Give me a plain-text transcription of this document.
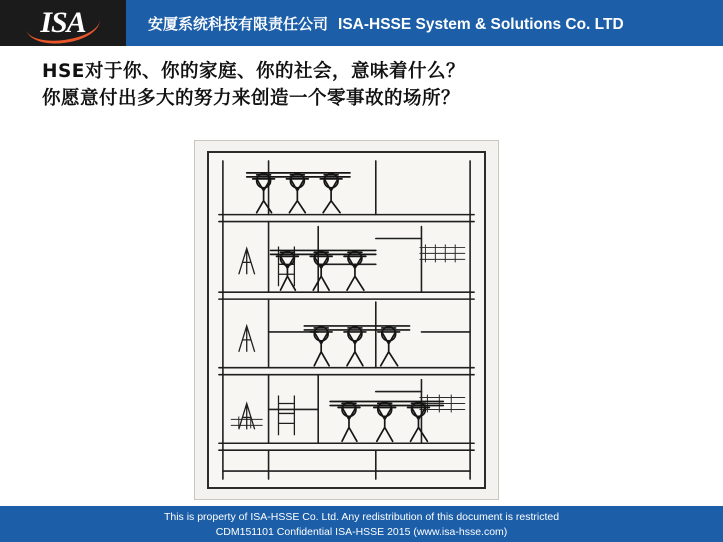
ISA	安厦系统科技有限责任公司 ISA-HSSE System & Solutions Co. LTD
HSE对于你、你的家庭、你的社会，意味着什么？
你愿意付出多大的努力来创造一个零事故的场所？
This is property of ISA-HSSE Co. Ltd. Any redistribution of this document is restricted
CDM151101 Confidential ISA-HSSE 2015 (www.isa-hsse.com)
